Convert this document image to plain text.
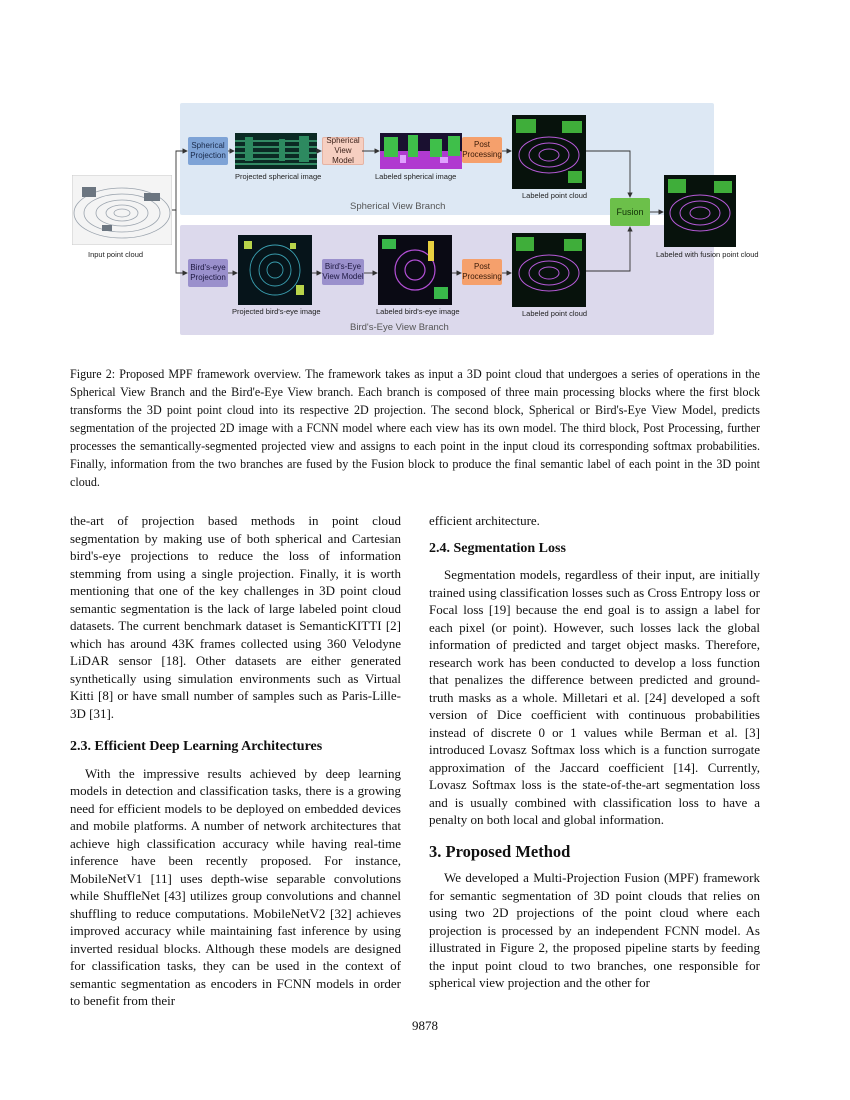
Input point cloud
Spherical
Projection
Projected spherical image
Spherical
View Model
Labeled spherical image
Post
Processing
Labeled point cloud
Spherical View Branch
Bird's-eye
Projection
Projected bird's-eye image
Bird's-Eye
View Model
Labeled bird's-eye image
Post
Processing
Labeled point cloud
Bird's-Eye View Branch
Fusion
Labeled with fusion point cloud
Figure 2: Proposed MPF framework overview. The framework takes as input a 3D point cloud that undergoes a series of operations in the Spherical View Branch and the Bird'e-Eye View branch. Each branch is composed of three main processing blocks where the first block transforms the 3D point point cloud into its respective 2D projection. The second block, Spherical or Bird's-Eye View Model, predicts segmentation of the projected 2D image with a FCNN model where each view has its own model. The third block, Post Processing, further processes the semantically-segmented projected view and assigns to each point in the input cloud its corresponding softmax probabilities. Finally, information from the two branches are fused by the Fusion block to produce the final semantic label of each point in the 3D point cloud.

the-art of projection based methods in point cloud segmentation by making use of both spherical and Cartesian bird's-eye projections to reduce the loss of information stemming from using a single projection. Finally, it is worth mentioning that one of the key challenges in 3D point cloud semantic segmentation is the lack of large labeled point cloud datasets. The current benchmark dataset is SemanticKITTI [2] which has around 43K frames collected using 360 Velodyne LiDAR sensor [18]. Other datasets are either generated synthetically using simulation environments such as Virtual Kitti [8] or have small number of samples such as Paris-Lille-3D [31].

2.3. Efficient Deep Learning Architectures

With the impressive results achieved by deep learning models in detection and classification tasks, there is a growing need for efficient models to be deployed on embedded devices and mobile platforms. A number of network architectures that achieve high classification accuracy while having real-time inference have been recently proposed. For instance, MobileNetV1 [11] uses depth-wise separable convolutions while ShuffleNet [43] utilizes group convolutions and channel shuffling to reduce computations. MobileNetV2 [32] achieves improved accuracy while maintaining fast inference by using inverted residual blocks. Although these models are designed for classification tasks, they can be used in the context of semantic segmentation as encoders in FCNN models in order to benefit from their

efficient architecture.

2.4. Segmentation Loss

Segmentation models, regardless of their input, are initially trained using classification losses such as Cross Entropy loss or Focal loss [19] because the end goal is to assign a label for each pixel (or point). However, such losses lack the global information of predicted and target object masks. Therefore, research work has been conducted to develop a loss function that penalizes the difference between predicted and ground-truth masks as a whole. Milletari et al. [24] developed a soft version of Dice coefficient with continuous probabilities instead of discrete 0 or 1 values while Berman et al. [3] introduced Lovasz Softmax loss which is a function surrogate approximation of the Jaccard coefficient [14]. Currently, Lovasz Softmax loss is the state-of-the-art segmentation loss and is usually combined with classification loss to have a penalty on both local and global information.

3. Proposed Method

We developed a Multi-Projection Fusion (MPF) framework for semantic segmentation of 3D point clouds that relies on using two 2D projections of the point cloud where each projection is processed by an independent FCNN model. As illustrated in Figure 2, the proposed pipeline starts by feeding the input point cloud to two branches, one responsible for spherical view projection and the other for

9878
